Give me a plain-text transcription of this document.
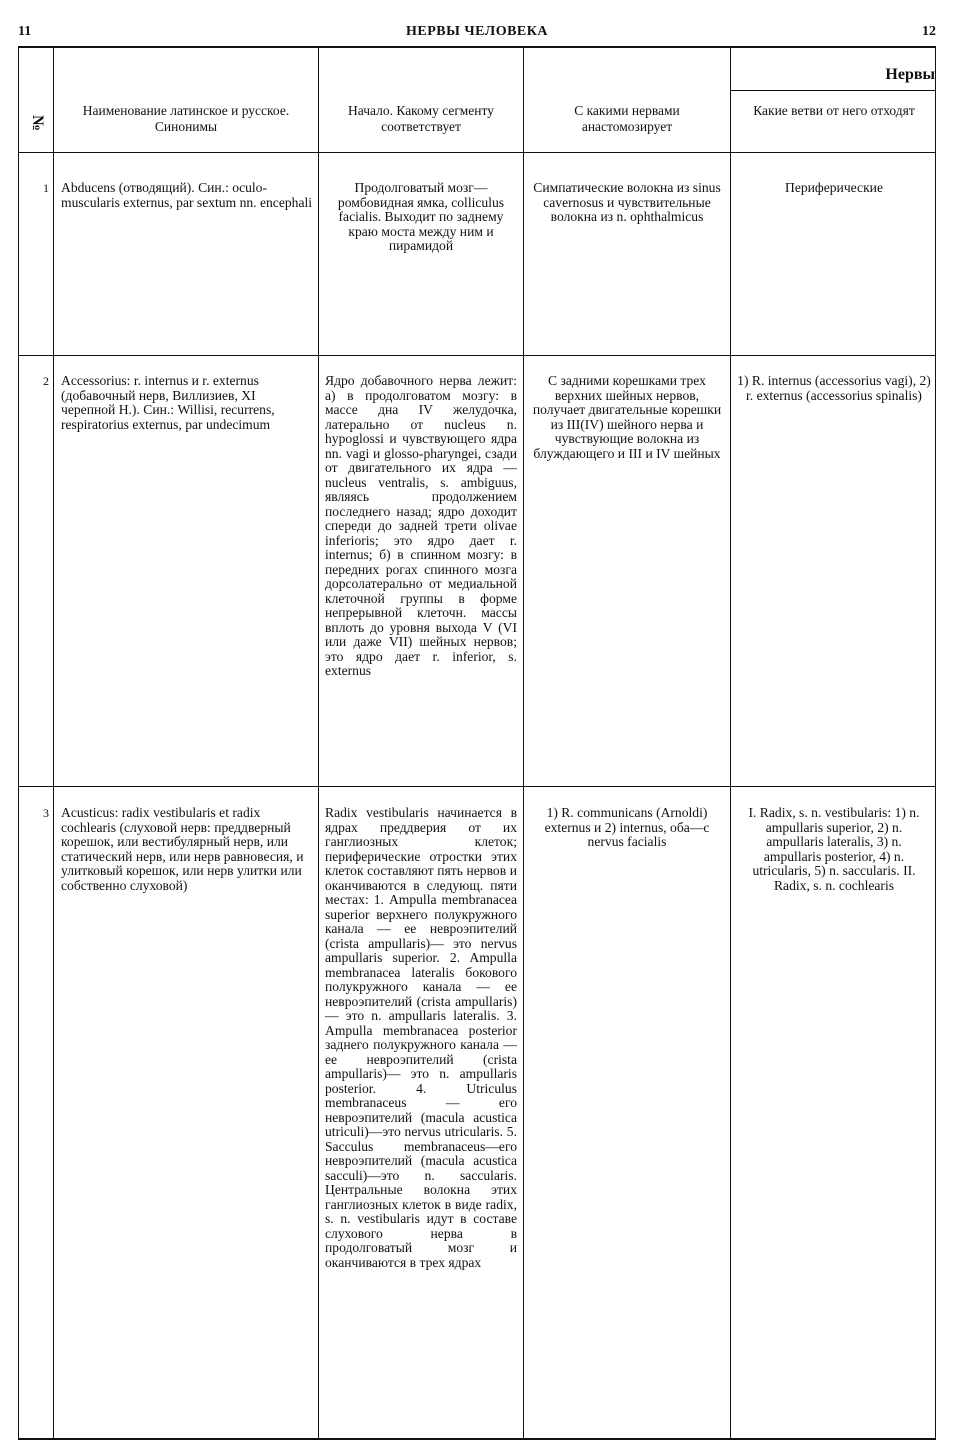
11	НЕРВЫ ЧЕЛОВЕКА	12
Нервы
№
Наименование латинское и русское. Синонимы
Начало. Какому сегменту соответствует
С какими нервами анастомозирует
Какие ветви от него отходят
1 Abducens (отводящий). Син.: oculo-muscularis externus, par sextum nn. encephali
Продолговатый мозг—ромбовидная ямка, colliculus facialis. Выходит по заднему краю моста между ним и пирамидой
Симпатические волокна из sinus cavernosus и чувствительные волокна из n. ophthalmicus
Периферические
2 Accessorius: r. internus и r. externus (добавочный нерв, Виллизиев, XI черепной Н.). Син.: Willisi, recurrens, respiratorius externus, par undecimum
Ядро добавочного нерва лежит: а) в продолговатом мозгу: в массе дна IV желудочка, латерально от nucleus n. hypoglossi и чувствующего ядра nn. vagi и glosso-pharyngei, сзади от двигательного их ядра — nucleus ventralis, s. ambiguus, являясь продолжением последнего назад; ядро доходит спереди до задней трети olivae inferioris; это ядро дает r. internus; б) в спинном мозгу: в передних рогах спинного мозга дорсолатерально от медиальной клеточной группы в форме непрерывной клеточн. массы вплоть до уровня выхода V (VI или даже VII) шейных нервов; это ядро дает r. inferior, s. externus
С задними корешками трех верхних шейных нервов, получает двигательные корешки из III(IV) шейного нерва и чувствующие волокна из блуждающего и III и IV шейных
1) R. internus (accessorius vagi), 2) r. externus (accessorius spinalis)
3 Acusticus: radix vestibularis et radix cochlearis (слуховой нерв: преддверный корешок, или вестибулярный нерв, или статический нерв, или нерв равновесия, и улитковый корешок, или нерв улитки или собственно слуховой)
Radix vestibularis начинается в ядрах преддверия от их ганглиозных клеток; периферические отростки этих клеток составляют пять нервов и оканчиваются в следующ. пяти местах: 1. Ampulla membranacea superior верхнего полукружного канала — ее невроэпителий (crista ampullaris)— это nervus ampullaris superior. 2. Ampulla membranacea lateralis бокового полукружного канала — ее невроэпителий (crista ampullaris)— это n. ampullaris lateralis. 3. Ampulla membranacea posterior заднего полукружного канала — ее невроэпителий (crista ampullaris)— это n. ampullaris posterior. 4. Utriculus membranaceus — его невроэпителий (macula acustica utriculi)—это nervus utricularis. 5. Sacculus membranaceus—его невроэпителий (macula acustica sacculi)—это n. saccularis. Центральные волокна этих ганглиозных клеток в виде radix, s. n. vestibularis идут в составе слухового нерва в продолговатый мозг и оканчиваются в трех ядрах
1) R. communicans (Arnoldi) externus и 2) internus, оба—с nervus facialis
I. Radix, s. n. vestibularis: 1) n. ampullaris superior, 2) n. ampullaris lateralis, 3) n. ampullaris posterior, 4) n. utricularis, 5) n. saccularis. II. Radix, s. n. cochlearis
